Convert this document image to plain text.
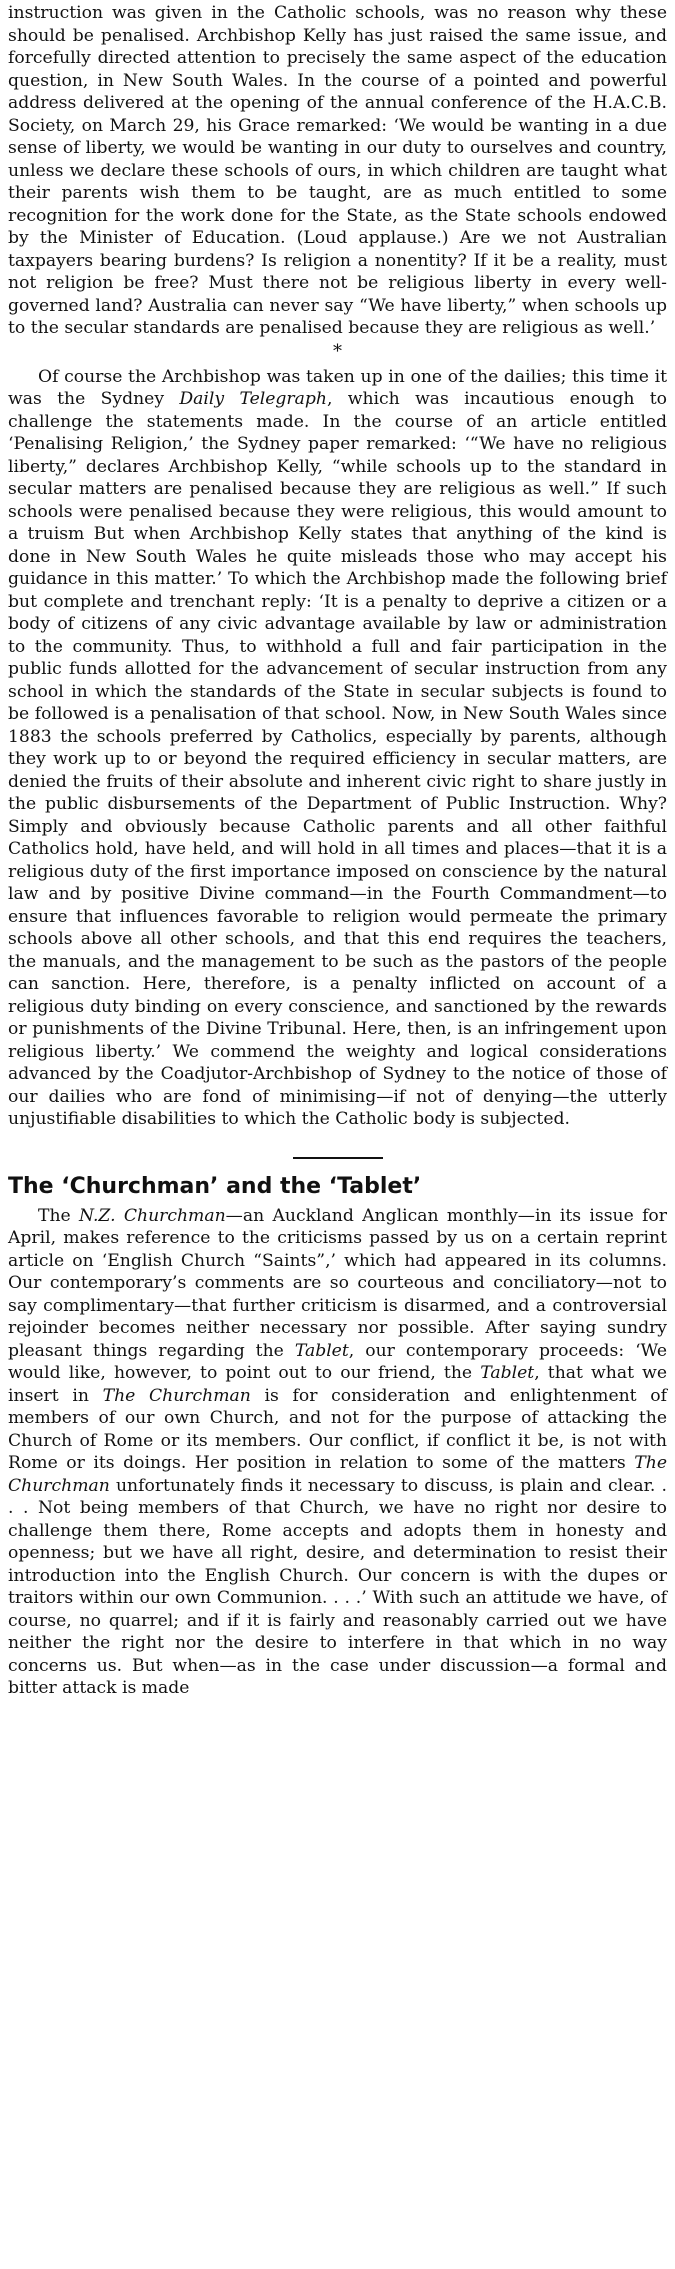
instruction was given in the Catholic schools, was no reason why these should be penalised. Archbishop Kelly has just raised the same issue, and forcefully directed attention to precisely the same aspect of the education question, in New South Wales. In the course of a pointed and powerful address delivered at the opening of the annual conference of the H.A.C.B. Society, on March 29, his Grace remarked: ‘We would be wanting in a due sense of liberty, we would be wanting in our duty to ourselves and country, unless we declare these schools of ours, in which children are taught what their parents wish them to be taught, are as much entitled to some recognition for the work done for the State, as the State schools endowed by the Minister of Education. (Loud applause.) Are we not Australian taxpayers bearing burdens? Is religion a nonentity? If it be a reality, must not religion be free? Must there not be religious liberty in every well-governed land? Australia can never say “We have liberty,” when schools up to the secular standards are penalised because they are religious as well.’

*

Of course the Archbishop was taken up in one of the dailies; this time it was the Sydney Daily Telegraph, which was incautious enough to challenge the statements made. In the course of an article entitled ‘Penalising Religion,’ the Sydney paper remarked: ‘“We have no religious liberty,” declares Archbishop Kelly, “while schools up to the standard in secular matters are penalised because they are religious as well.” If such schools were penalised because they were religious, this would amount to a truism But when Archbishop Kelly states that anything of the kind is done in New South Wales he quite misleads those who may accept his guidance in this matter.’ To which the Archbishop made the following brief but complete and trenchant reply: ‘It is a penalty to deprive a citizen or a body of citizens of any civic advantage available by law or administration to the community. Thus, to withhold a full and fair participation in the public funds allotted for the advancement of secular instruction from any school in which the standards of the State in secular subjects is found to be followed is a penalisation of that school. Now, in New South Wales since 1883 the schools preferred by Catholics, especially by parents, although they work up to or beyond the required efficiency in secular matters, are denied the fruits of their absolute and inherent civic right to share justly in the public disbursements of the Department of Public Instruction. Why? Simply and obviously because Catholic parents and all other faithful Catholics hold, have held, and will hold in all times and places—that it is a religious duty of the first importance imposed on conscience by the natural law and by positive Divine command—in the Fourth Commandment—to ensure that influences favorable to religion would permeate the primary schools above all other schools, and that this end requires the teachers, the manuals, and the management to be such as the pastors of the people can sanction. Here, therefore, is a penalty inflicted on account of a religious duty binding on every conscience, and sanctioned by the rewards or punishments of the Divine Tribunal. Here, then, is an infringement upon religious liberty.’ We commend the weighty and logical considerations advanced by the Coadjutor-Archbishop of Sydney to the notice of those of our dailies who are fond of minimising—if not of denying—the utterly unjustifiable disabilities to which the Catholic body is subjected.

The ‘Churchman’ and the ‘Tablet’

The N.Z. Churchman—an Auckland Anglican monthly—in its issue for April, makes reference to the criticisms passed by us on a certain reprint article on ‘English Church “Saints”,’ which had appeared in its columns. Our contemporary’s comments are so courteous and conciliatory—not to say complimentary—that further criticism is disarmed, and a controversial rejoinder becomes neither necessary nor possible. After saying sundry pleasant things regarding the Tablet, our contemporary proceeds: ‘We would like, however, to point out to our friend, the Tablet, that what we insert in The Churchman is for consideration and enlightenment of members of our own Church, and not for the purpose of attacking the Church of Rome or its members. Our conflict, if conflict it be, is not with Rome or its doings. Her position in relation to some of the matters The Churchman unfortunately finds it necessary to discuss, is plain and clear. . . . Not being members of that Church, we have no right nor desire to challenge them there, Rome accepts and adopts them in honesty and openness; but we have all right, desire, and determination to resist their introduction into the English Church. Our concern is with the dupes or traitors within our own Communion. . . .’ With such an attitude we have, of course, no quarrel; and if it is fairly and reasonably carried out we have neither the right nor the desire to interfere in that which in no way concerns us. But when—as in the case under discussion—a formal and bitter attack is made
